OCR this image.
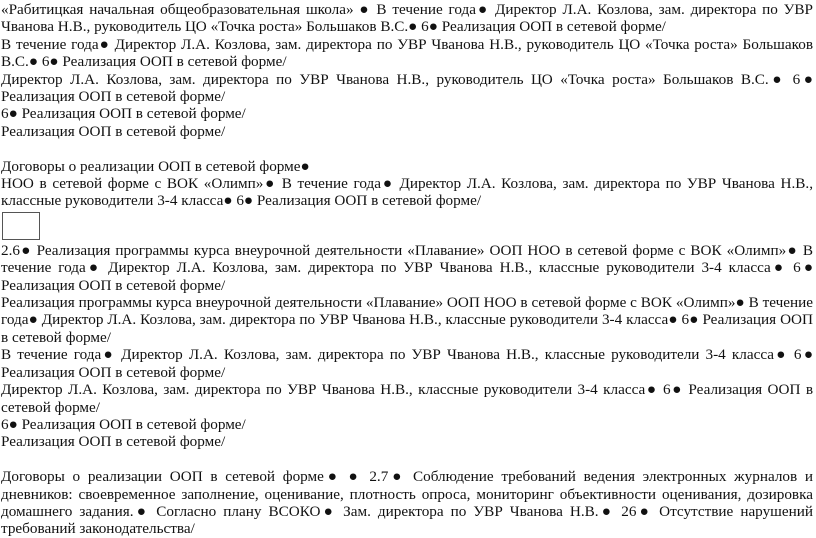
«Рабитицкая начальная общеобразовательная школа» ● В течение года● Директор Л.А. Козлова, зам. директора по УВР Чванова Н.В., руководитель ЦО «Точка роста» Большаков В.С.● 6● Реализация ООП в сетевой форме/

В течение года● Директор Л.А. Козлова, зам. директора по УВР Чванова Н.В., руководитель ЦО «Точка роста» Большаков В.С.● 6● Реализация ООП в сетевой форме/

Директор Л.А. Козлова, зам. директора по УВР Чванова Н.В., руководитель ЦО «Точка роста» Большаков В.С.● 6● Реализация ООП в сетевой форме/

6● Реализация ООП в сетевой форме/

Реализация ООП в сетевой форме/

Договоры о реализации ООП в сетевой форме●

НОО в сетевой форме с ВОК «Олимп»● В течение года● Директор Л.А. Козлова, зам. директора по УВР Чванова Н.В., классные руководители 3-4 класса● 6● Реализация ООП в сетевой форме/

2.6● Реализация программы курса внеурочной деятельности «Плавание» ООП НОО в сетевой форме с ВОК «Олимп»● В течение года● Директор Л.А. Козлова, зам. директора по УВР Чванова Н.В., классные руководители 3-4 класса● 6● Реализация ООП в сетевой форме/

Реализация программы курса внеурочной деятельности «Плавание» ООП НОО в сетевой форме с ВОК «Олимп»● В течение года● Директор Л.А. Козлова, зам. директора по УВР Чванова Н.В., классные руководители 3-4 класса● 6● Реализация ООП в сетевой форме/

В течение года● Директор Л.А. Козлова, зам. директора по УВР Чванова Н.В., классные руководители 3-4 класса● 6● Реализация ООП в сетевой форме/

Директор Л.А. Козлова, зам. директора по УВР Чванова Н.В., классные руководители 3-4 класса● 6● Реализация ООП в сетевой форме/

6● Реализация ООП в сетевой форме/

Реализация ООП в сетевой форме/

Договоры о реализации ООП в сетевой форме● ● 2.7● Соблюдение требований ведения электронных журналов и дневников: своевременное заполнение, оценивание, плотность опроса, мониторинг объективности оценивания, дозировка домашнего задания.● Согласно плану ВСОКО● Зам. директора по УВР Чванова Н.В.● 26● Отсутствие нарушений требований законодательства/
